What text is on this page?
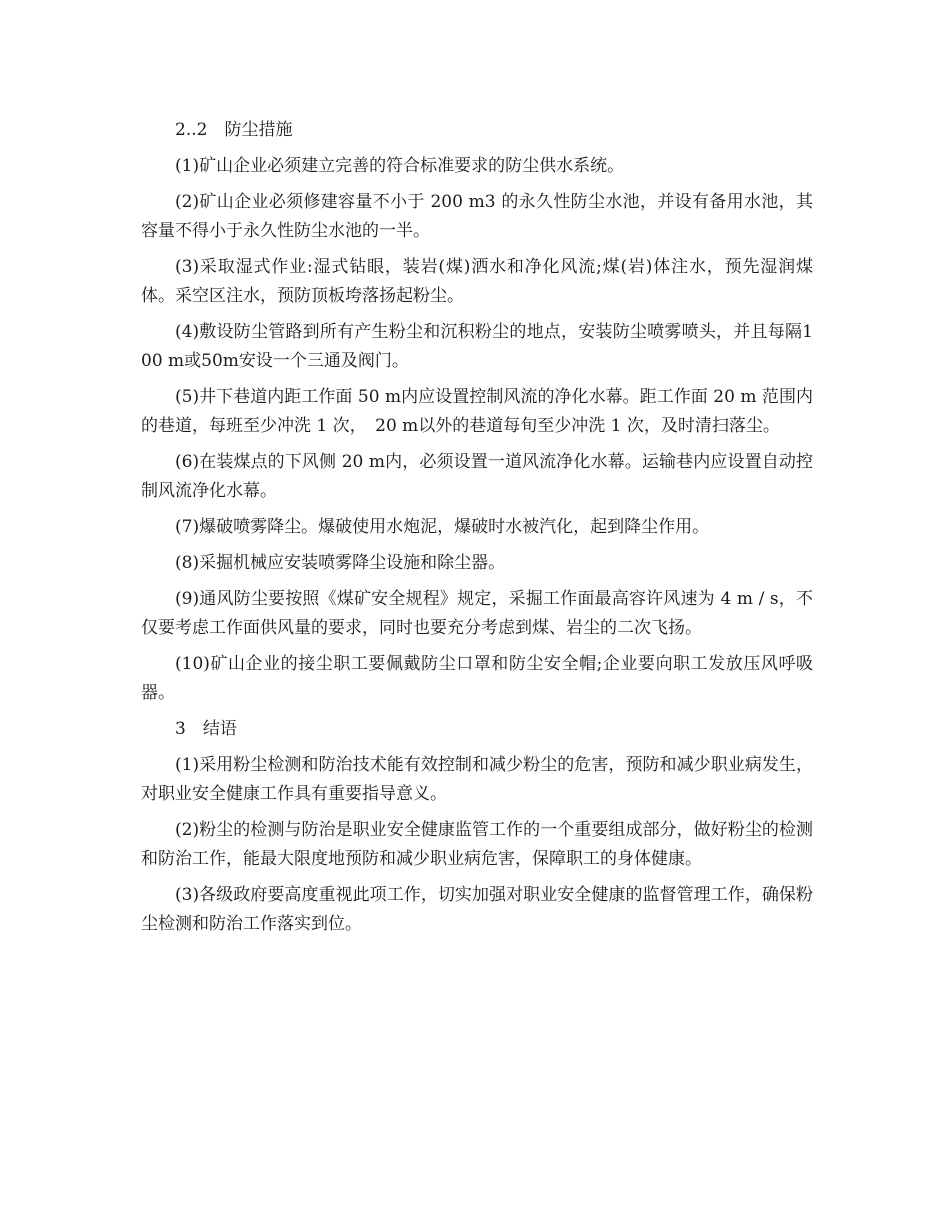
2..2　防尘措施

(1)矿山企业必须建立完善的符合标准要求的防尘供水系统。

(2)矿山企业必须修建容量不小于 200 m3 的永久性防尘水池，并设有备用水池，其容量不得小于永久性防尘水池的一半。

(3)采取湿式作业:湿式钻眼，装岩(煤)洒水和净化风流;煤(岩)体注水，预先湿润煤体。采空区注水，预防顶板垮落扬起粉尘。

(4)敷设防尘管路到所有产生粉尘和沉积粉尘的地点，安装防尘喷雾喷头，并且每隔100 m或50m安设一个三通及阀门。

(5)井下巷道内距工作面 50 m内应设置控制风流的净化水幕。距工作面 20 m 范围内的巷道，每班至少冲洗 1 次，　20 m以外的巷道每旬至少冲洗 1 次，及时清扫落尘。

(6)在装煤点的下风侧 20 m内，必须设置一道风流净化水幕。运输巷内应设置自动控制风流净化水幕。

(7)爆破喷雾降尘。爆破使用水炮泥，爆破时水被汽化，起到降尘作用。

(8)采掘机械应安装喷雾降尘设施和除尘器。

(9)通风防尘要按照《煤矿安全规程》规定，采掘工作面最高容许风速为 4 m / s，不仅要考虑工作面供风量的要求，同时也要充分考虑到煤、岩尘的二次飞扬。

(10)矿山企业的接尘职工要佩戴防尘口罩和防尘安全帽;企业要向职工发放压风呼吸器。

3　结语

(1)采用粉尘检测和防治技术能有效控制和减少粉尘的危害，预防和减少职业病发生，对职业安全健康工作具有重要指导意义。

(2)粉尘的检测与防治是职业安全健康监管工作的一个重要组成部分，做好粉尘的检测和防治工作，能最大限度地预防和减少职业病危害，保障职工的身体健康。

(3)各级政府要高度重视此项工作，切实加强对职业安全健康的监督管理工作，确保粉尘检测和防治工作落实到位。
